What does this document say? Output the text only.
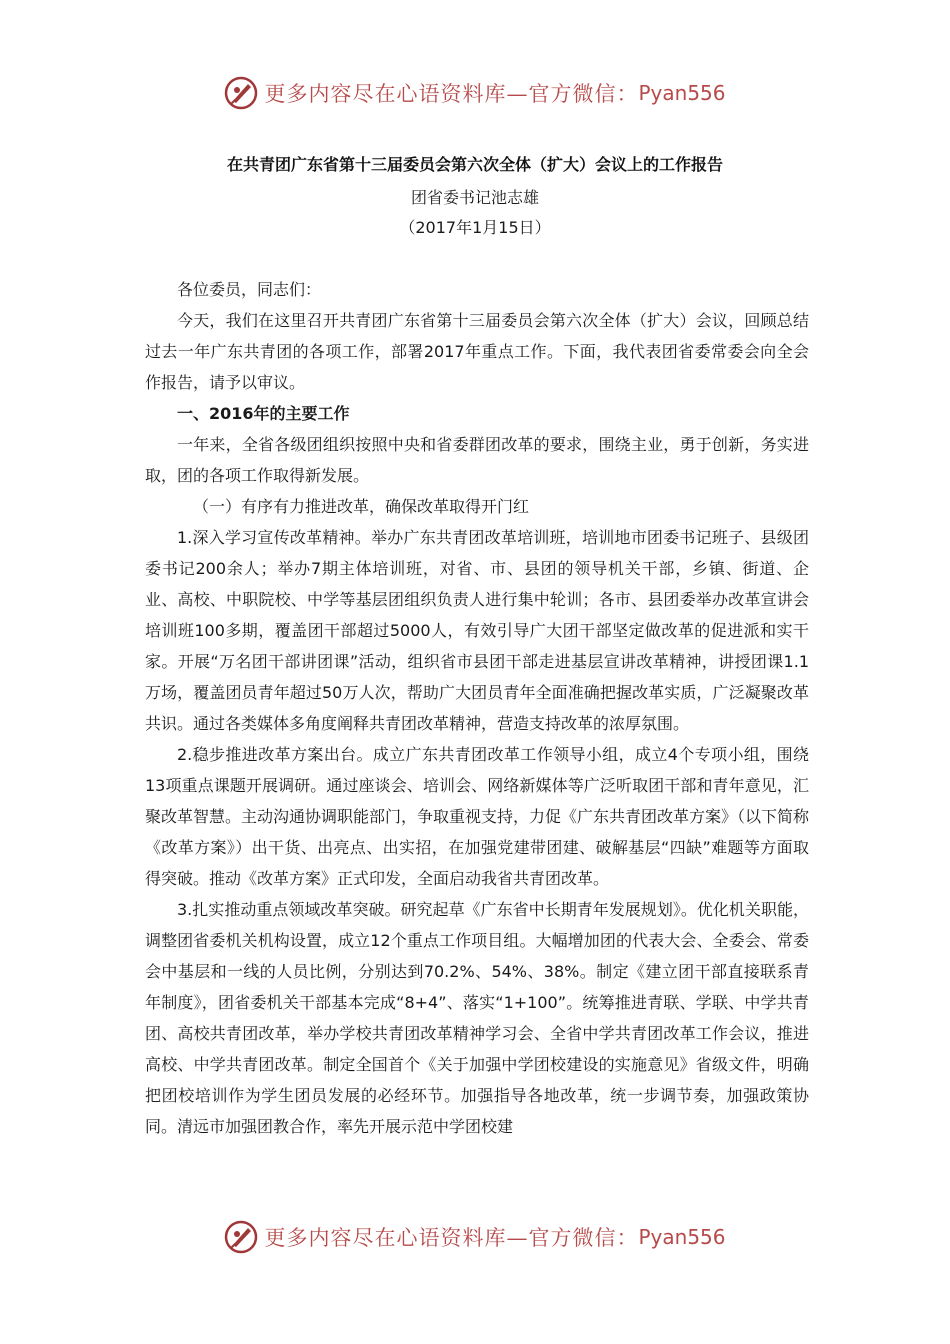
更多内容尽在心语资料库—官方微信： Pyan556
在共青团广东省第十三届委员会第六次全体（扩大）会议上的工作报告
团省委书记池志雄
（2017年1月15日）

各位委员，同志们：

今天，我们在这里召开共青团广东省第十三届委员会第六次全体（扩大）会议，回顾总结过去一年广东共青团的各项工作，部署2017年重点工作。下面，我代表团省委常委会向全会作报告，请予以审议。

一、2016年的主要工作

一年来，全省各级团组织按照中央和省委群团改革的要求，围绕主业，勇于创新，务实进取，团的各项工作取得新发展。

（一）有序有力推进改革，确保改革取得开门红

1.深入学习宣传改革精神。举办广东共青团改革培训班，培训地市团委书记班子、县级团委书记200余人；举办7期主体培训班，对省、市、县团的领导机关干部，乡镇、街道、企业、高校、中职院校、中学等基层团组织负责人进行集中轮训；各市、县团委举办改革宣讲会培训班100多期，覆盖团干部超过5000人，有效引导广大团干部坚定做改革的促进派和实干家。开展“万名团干部讲团课”活动，组织省市县团干部走进基层宣讲改革精神，讲授团课1.1万场，覆盖团员青年超过50万人次，帮助广大团员青年全面准确把握改革实质，广泛凝聚改革共识。通过各类媒体多角度阐释共青团改革精神，营造支持改革的浓厚氛围。

2.稳步推进改革方案出台。成立广东共青团改革工作领导小组，成立4个专项小组，围绕13项重点课题开展调研。通过座谈会、培训会、网络新媒体等广泛听取团干部和青年意见，汇聚改革智慧。主动沟通协调职能部门，争取重视支持，力促《广东共青团改革方案》（以下简称《改革方案》）出干货、出亮点、出实招，在加强党建带团建、破解基层“四缺”难题等方面取得突破。推动《改革方案》正式印发，全面启动我省共青团改革。

3.扎实推动重点领域改革突破。研究起草《广东省中长期青年发展规划》。优化机关职能，调整团省委机关机构设置，成立12个重点工作项目组。大幅增加团的代表大会、全委会、常委会中基层和一线的人员比例，分别达到70.2%、54%、38%。制定《建立团干部直接联系青年制度》，团省委机关干部基本完成“8+4”、落实“1+100”。统筹推进青联、学联、中学共青团、高校共青团改革，举办学校共青团改革精神学习会、全省中学共青团改革工作会议，推进高校、中学共青团改革。制定全国首个《关于加强中学团校建设的实施意见》省级文件，明确把团校培训作为学生团员发展的必经环节。加强指导各地改革，统一步调节奏，加强政策协同。清远市加强团教合作，率先开展示范中学团校建

更多内容尽在心语资料库—官方微信： Pyan556
